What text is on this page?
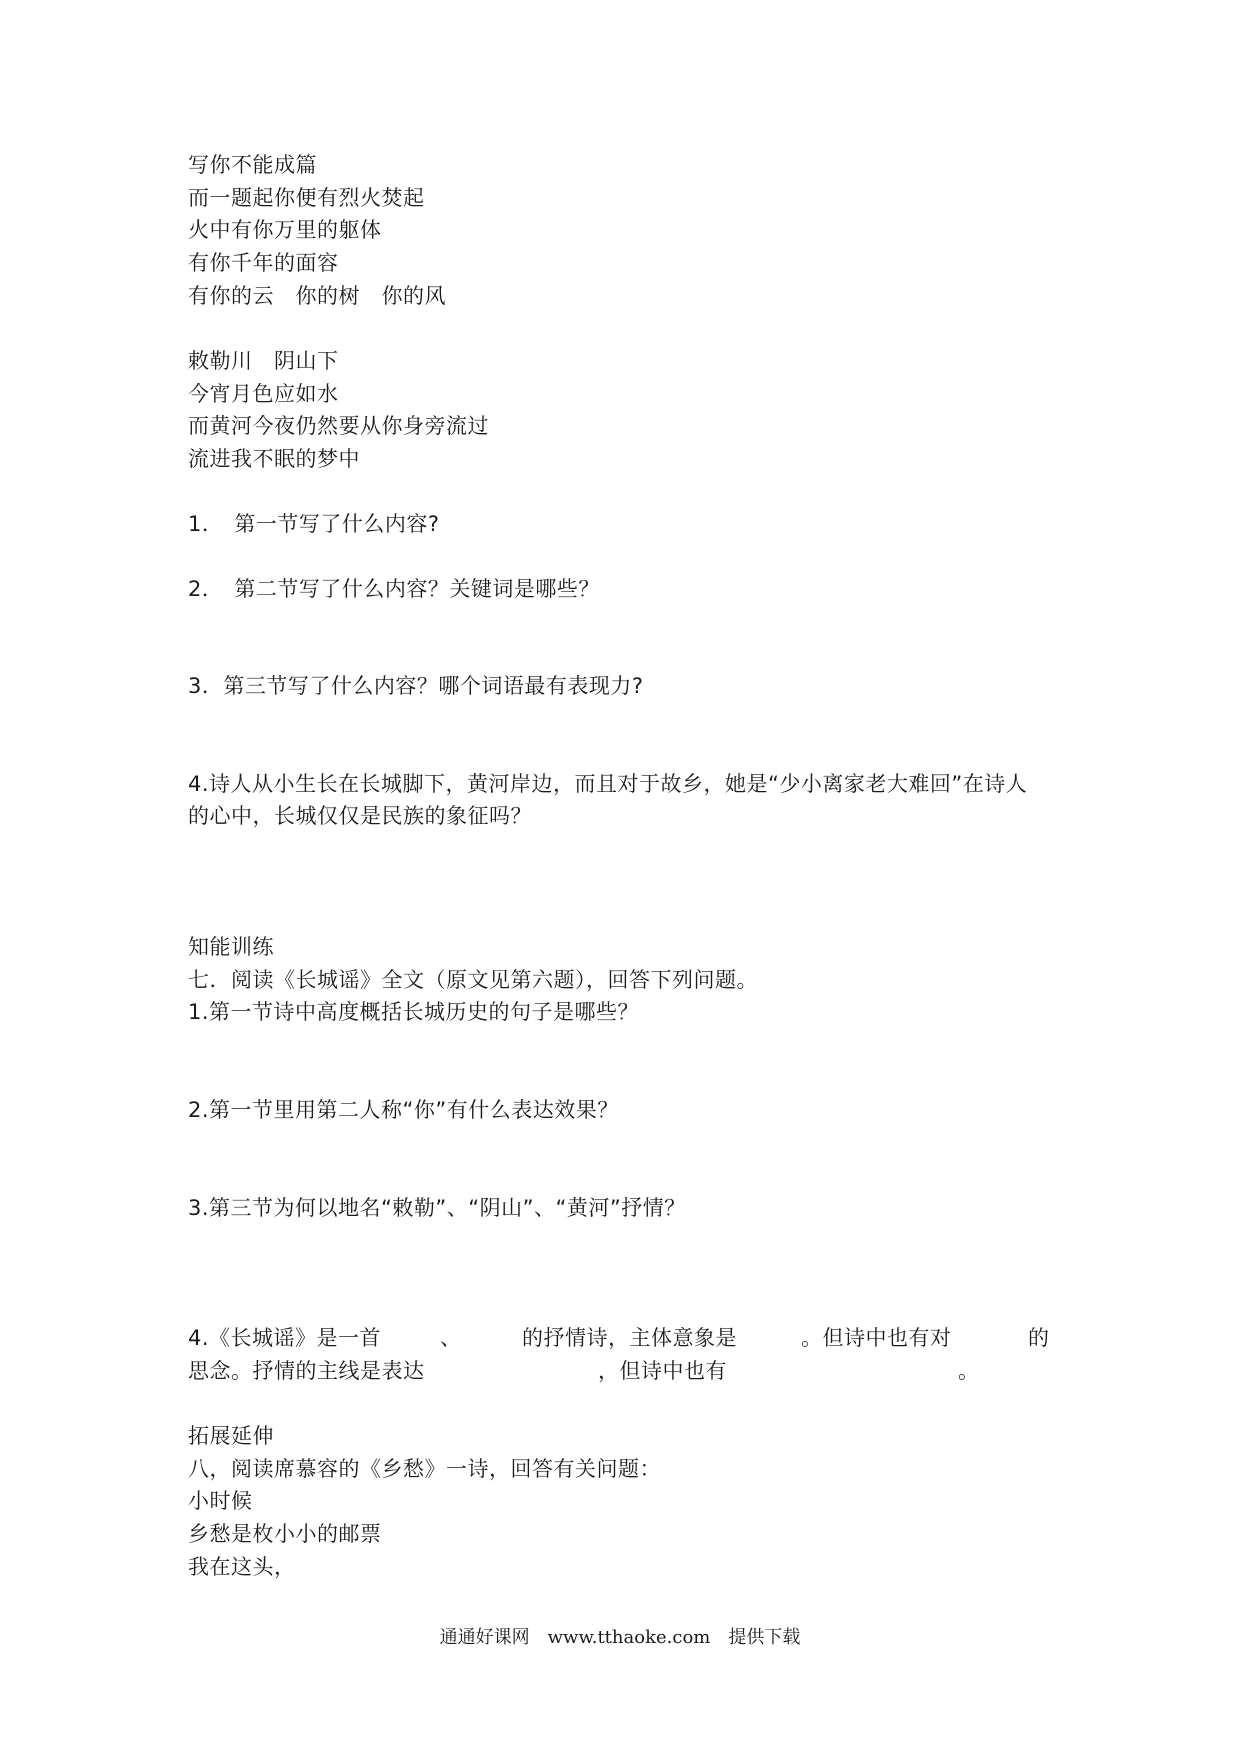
写你不能成篇
而一题起你便有烈火焚起
火中有你万里的躯体
有你千年的面容
有你的云　你的树　你的风
敕勒川　阴山下
今宵月色应如水
而黄河今夜仍然要从你身旁流过
流进我不眠的梦中
1．　第一节写了什么内容?
2．　第二节写了什么内容？关键词是哪些？
3．第三节写了什么内容？哪个词语最有表现力?
4.诗人从小生长在长城脚下，黄河岸边，而且对于故乡，她是“少小离家老大难回”在诗人
的心中，长城仅仅是民族的象征吗？
知能训练
七．阅读《长城谣》全文（原文见第六题），回答下列问题。
1.第一节诗中高度概括长城历史的句子是哪些？
2.第一节里用第二人称“你”有什么表达效果？
3.第三节为何以地名“敕勒”、“阴山”、“黄河”抒情？
4.《长城谣》是一首	、	的抒情诗，主体意象是	。但诗中也有对	的
思念。抒情的主线是表达	，但诗中也有	。
拓展延伸
八，阅读席慕容的《乡愁》一诗，回答有关问题：
小时候
乡愁是枚小小的邮票
我在这头，
通通好课网　www.tthaoke.com　提供下载
